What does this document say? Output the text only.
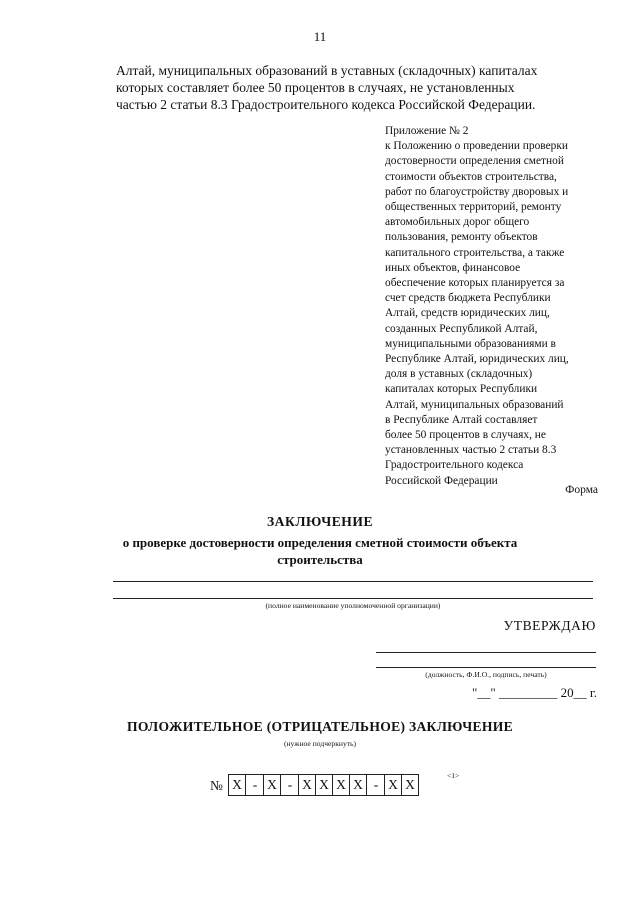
11
Алтай, муниципальных образований в уставных (складочных) капиталах
которых составляет более 50 процентов в случаях, не установленных
частью 2 статьи 8.3 Градостроительного кодекса Российской Федерации.
Приложение № 2
к Положению о проведении проверки
достоверности определения сметной
стоимости объектов строительства,
работ по благоустройству дворовых и
общественных территорий, ремонту
автомобильных дорог общего
пользования, ремонту объектов
капитального строительства, а также
иных объектов, финансовое
обеспечение которых планируется за
счет средств бюджета Республики
Алтай, средств юридических лиц,
созданных Республикой Алтай,
муниципальными образованиями в
Республике Алтай, юридических лиц,
доля в уставных (складочных)
капиталах которых Республики
Алтай, муниципальных образований
в Республике Алтай составляет
более 50 процентов в случаях, не
установленных частью 2 статьи 8.3
Градостроительного кодекса
Российской Федерации
Форма
ЗАКЛЮЧЕНИЕ
о проверке достоверности определения сметной стоимости объекта
строительства
(полное наименование уполномоченной организации)
УТВЕРЖДАЮ
(должность, Ф.И.О., подпись, печать)
"__" _________ 20__ г.
ПОЛОЖИТЕЛЬНОЕ (ОТРИЦАТЕЛЬНОЕ) ЗАКЛЮЧЕНИЕ
(нужное подчеркнуть)
№ X - X - X X X X - X X
<1>
